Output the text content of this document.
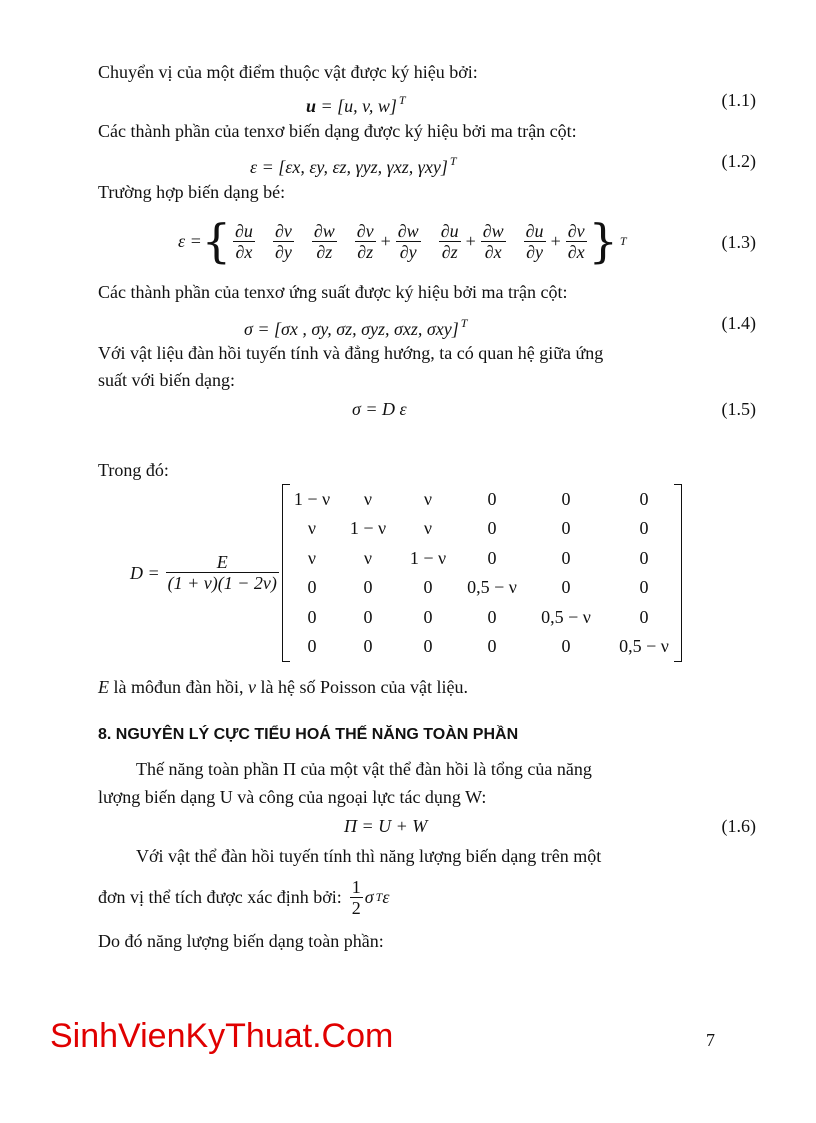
Chuyển vị của một điểm thuộc vật được ký hiệu bởi:
u = [u, v, w] $^T$	(1.1)
Các thành phần của tenxơ biến dạng được ký hiệu bởi ma trận cột:
ε = [εx, εy, εz, γyz, γxz, γxy] $^T$	(1.2)
Trường hợp biến dạng bé:
ε = { $\frac{\partial u}{\partial x} \frac{\partial v}{\partial y} \frac{\partial w}{\partial z} \frac{\partial v}{\partial z} + \frac{\partial w}{\partial y} \frac{\partial u}{\partial z} + \frac{\partial w}{\partial x} \frac{\partial u}{\partial y} + \frac{\partial v}{\partial x}$ } T	(1.3)
Các thành phần của tenxơ ứng suất được ký hiệu bởi ma trận cột:
σ = [σx , σy, σz, σyz, σxz, σxy] $^T$	(1.4)
Với vật liệu đàn hồi tuyến tính và đẳng hướng, ta có quan hệ giữa ứng
suất với biến dạng:
σ = D ε	(1.5)
Trong đó:
$D = \frac{E}{(1 + \nu)(1 - 2\nu)}$
1 − ν	ν	ν	0	0	0
ν	1 − ν	ν	0	0	0
ν	ν	1 − ν	0	0	0
0	0	0	0,5 − ν	0	0
0	0	0	0	0,5 − ν	0
0	0	0	0	0	0,5 − ν
E là môđun đàn hồi, ν là hệ số Poisson của vật liệu.
8. NGUYÊN LÝ CỰC TIỂU HOÁ THẾ NĂNG TOÀN PHẦN
Thế năng toàn phần Π của một vật thể đàn hồi là tổng của năng
lượng biến dạng U và công của ngoại lực tác dụng W:
Π = U + W	(1.6)
Với vật thể đàn hồi tuyến tính thì năng lượng biến dạng trên một
đơn vị thể tích được xác định bởi: $\frac{1}{2}$ σ T ε
Do đó năng lượng biến dạng toàn phần:
SinhVienKyThuat.Com	7
